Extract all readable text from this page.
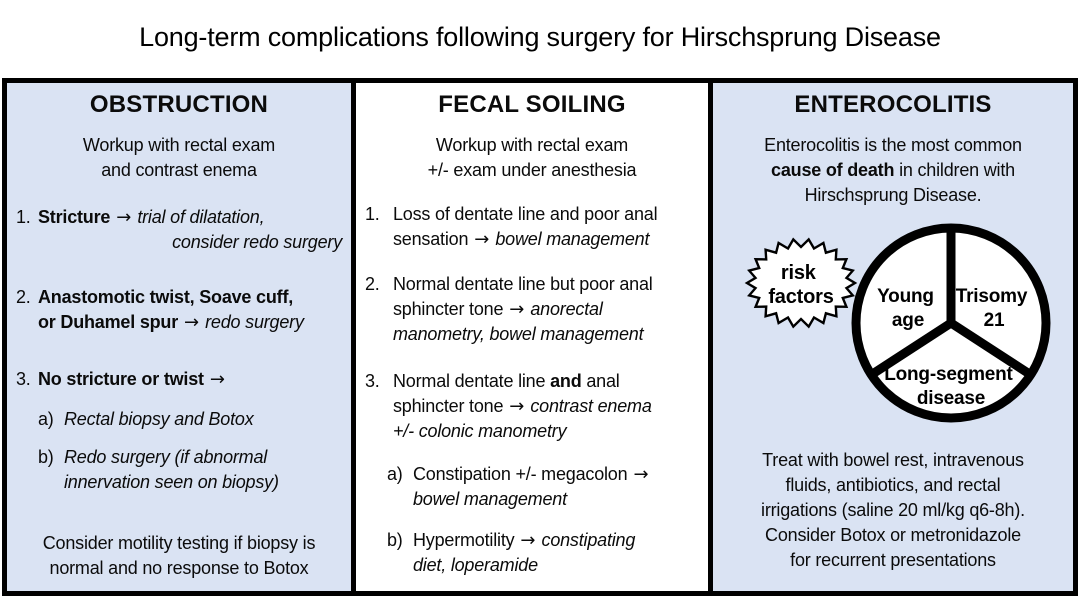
Long-term complications following surgery for Hirschsprung Disease
OBSTRUCTION
Workup with rectal exam
and contrast enema
1. Stricture → trial of dilatation,
consider redo surgery
2. Anastomotic twist, Soave cuff,
or Duhamel spur → redo surgery
3. No stricture or twist →
a) Rectal biopsy and Botox
b) Redo surgery (if abnormal
innervation seen on biopsy)
Consider motility testing if biopsy is
normal and no response to Botox
FECAL SOILING
Workup with rectal exam
+/- exam under anesthesia
1. Loss of dentate line and poor anal
sensation → bowel management
2. Normal dentate line but poor anal
sphincter tone → anorectal
manometry, bowel management
3. Normal dentate line and anal
sphincter tone → contrast enema
+/- colonic manometry
a) Constipation +/- megacolon →
bowel management
b) Hypermotility → constipating
diet, loperamide
ENTEROCOLITIS
Enterocolitis is the most common
cause of death in children with
Hirschsprung Disease.
risk factors Young age
Trisomy 21
Long-segment disease
Treat with bowel rest, intravenous
fluids, antibiotics, and rectal
irrigations (saline 20 ml/kg q6-8h).
Consider Botox or metronidazole
for recurrent presentations
